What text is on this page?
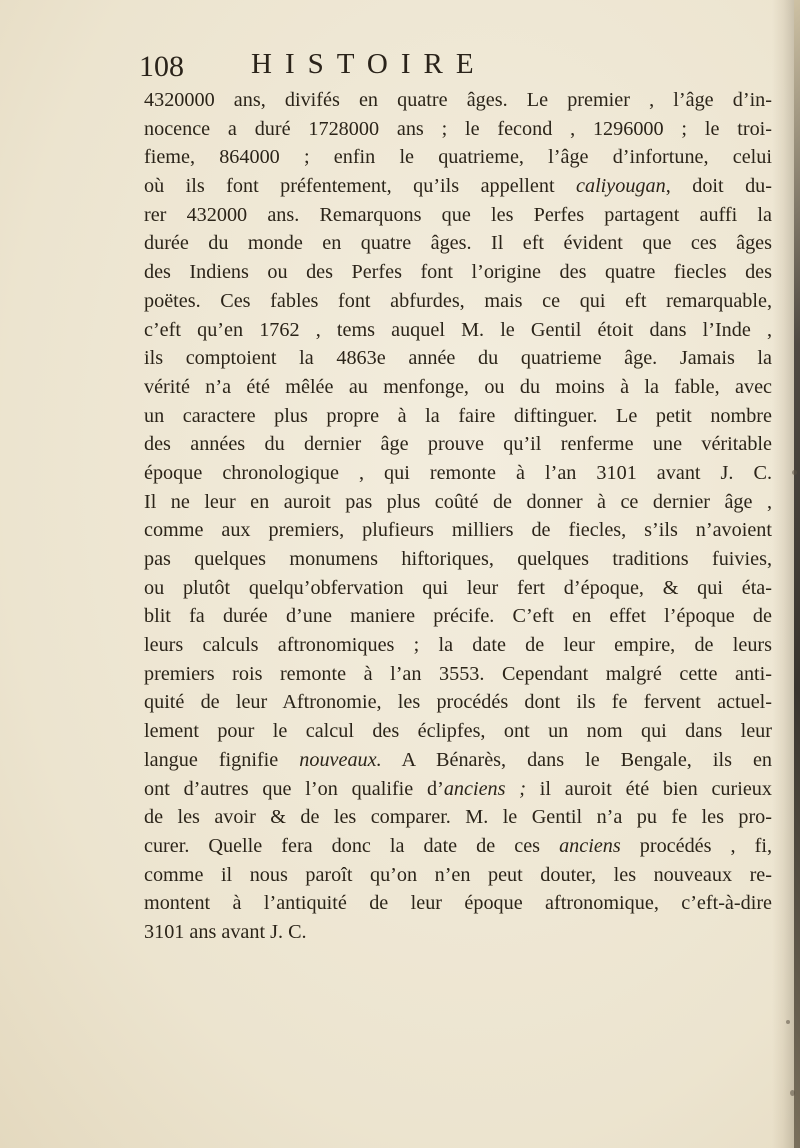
108 HISTOIRE
4320000 ans, divifés en quatre âges. Le premier , l’âge d’in-
nocence a duré 1728000 ans ; le fecond , 1296000 ; le troi-
fieme, 864000 ; enfin le quatrieme, l’âge d’infortune, celui
où ils font préfentement, qu’ils appellent caliyougan, doit du-
rer 432000 ans. Remarquons que les Perfes partagent auffi la
durée du monde en quatre âges. Il eft évident que ces âges
des Indiens ou des Perfes font l’origine des quatre fiecles des
poëtes. Ces fables font abfurdes, mais ce qui eft remarquable,
c’eft qu’en 1762 , tems auquel M. le Gentil étoit dans l’Inde ,
ils comptoient la 4863e année du quatrieme âge. Jamais la
vérité n’a été mêlée au menfonge, ou du moins à la fable, avec
un caractere plus propre à la faire diftinguer. Le petit nombre
des années du dernier âge prouve qu’il renferme une véritable
époque chronologique , qui remonte à l’an 3101 avant J. C.
Il ne leur en auroit pas plus coûté de donner à ce dernier âge ,
comme aux premiers, plufieurs milliers de fiecles, s’ils n’avoient
pas quelques monumens hiftoriques, quelques traditions fuivies,
ou plutôt quelqu’obfervation qui leur fert d’époque, & qui éta-
blit fa durée d’une maniere précife. C’eft en effet l’époque de
leurs calculs aftronomiques ; la date de leur empire, de leurs
premiers rois remonte à l’an 3553. Cependant malgré cette anti-
quité de leur Aftronomie, les procédés dont ils fe fervent actuel-
lement pour le calcul des éclipfes, ont un nom qui dans leur
langue fignifie nouveaux. A Bénarès, dans le Bengale, ils en
ont d’autres que l’on qualifie d’anciens ; il auroit été bien curieux
de les avoir & de les comparer. M. le Gentil n’a pu fe les pro-
curer. Quelle fera donc la date de ces anciens procédés , fi,
comme il nous paroît qu’on n’en peut douter, les nouveaux re-
montent à l’antiquité de leur époque aftronomique, c’eft-à-dire
3101 ans avant J. C.
